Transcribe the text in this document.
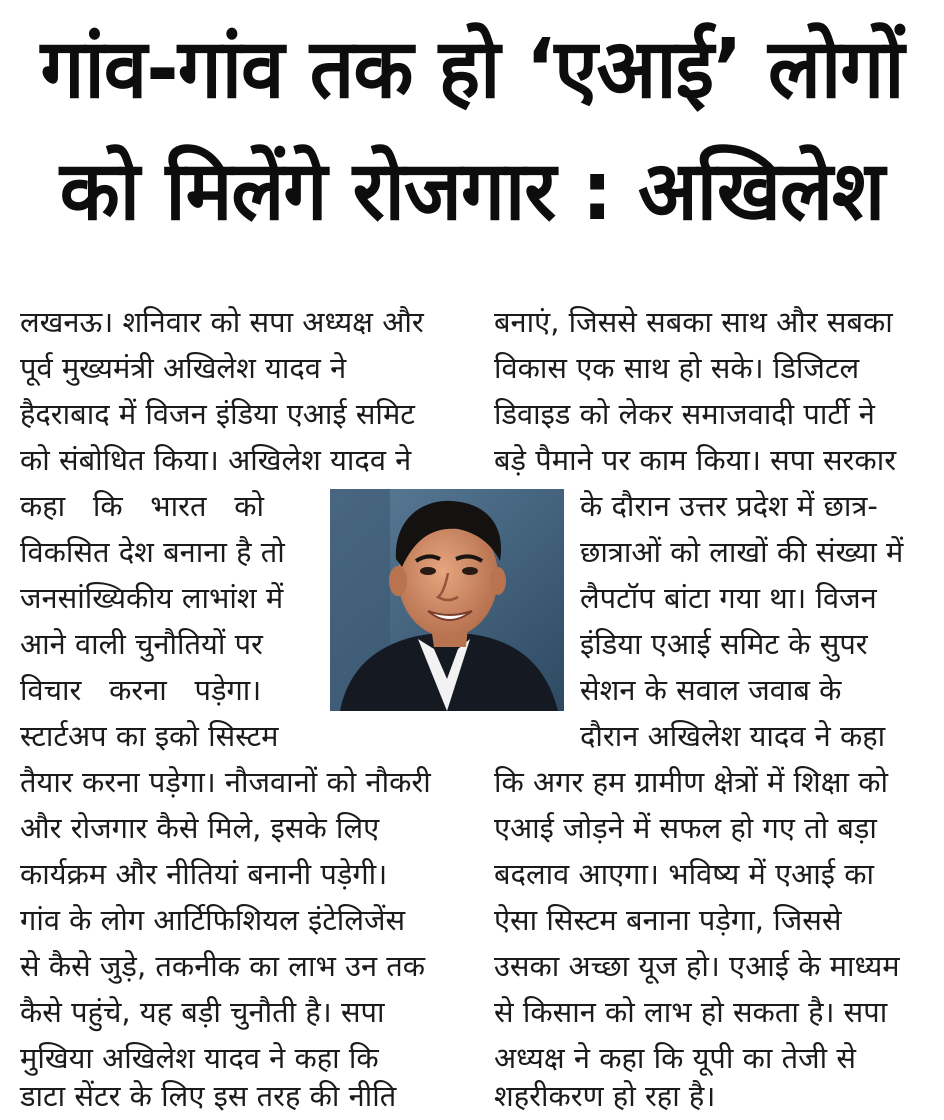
गांव-गांव तक हो ‘एआई’ लोगों
को मिलेंगे रोजगार : अखिलेश
लखनऊ। शनिवार को सपा अध्यक्ष और
पूर्व मुख्यमंत्री अखिलेश यादव ने
हैदराबाद में विजन इंडिया एआई समिट
को संबोधित किया। अखिलेश यादव ने
कहा   कि   भारत   को
विकसित देश बनाना है तो
जनसांख्यिकीय लाभांश में
आने वाली चुनौतियों पर
विचार   करना   पड़ेगा।
स्टार्टअप का इको सिस्टम
तैयार करना पड़ेगा। नौजवानों को नौकरी
और रोजगार कैसे मिले, इसके लिए
कार्यक्रम और नीतियां बनानी पड़ेगी।
गांव के लोग आर्टिफिशियल इंटेलिजेंस
से कैसे जुड़े, तकनीक का लाभ उन तक
कैसे पहुंचे, यह बड़ी चुनौती है। सपा
मुखिया अखिलेश यादव ने कहा कि
डाटा सेंटर के लिए इस तरह की नीति
बनाएं, जिससे सबका साथ और सबका
विकास एक साथ हो सके। डिजिटल
डिवाइड को लेकर समाजवादी पार्टी ने
बड़े पैमाने पर काम किया। सपा सरकार
के दौरान उत्तर प्रदेश में छात्र-
छात्राओं को लाखों की संख्या में
लैपटॉप बांटा गया था। विजन
इंडिया एआई समिट के सुपर
सेशन के सवाल जवाब के
दौरान अखिलेश यादव ने कहा
कि अगर हम ग्रामीण क्षेत्रों में शिक्षा को
एआई जोड़ने में सफल हो गए तो बड़ा
बदलाव आएगा। भविष्य में एआई का
ऐसा सिस्टम बनाना पड़ेगा, जिससे
उसका अच्छा यूज हो। एआई के माध्यम
से किसान को लाभ हो सकता है। सपा
अध्यक्ष ने कहा कि यूपी का तेजी से
शहरीकरण हो रहा है।
